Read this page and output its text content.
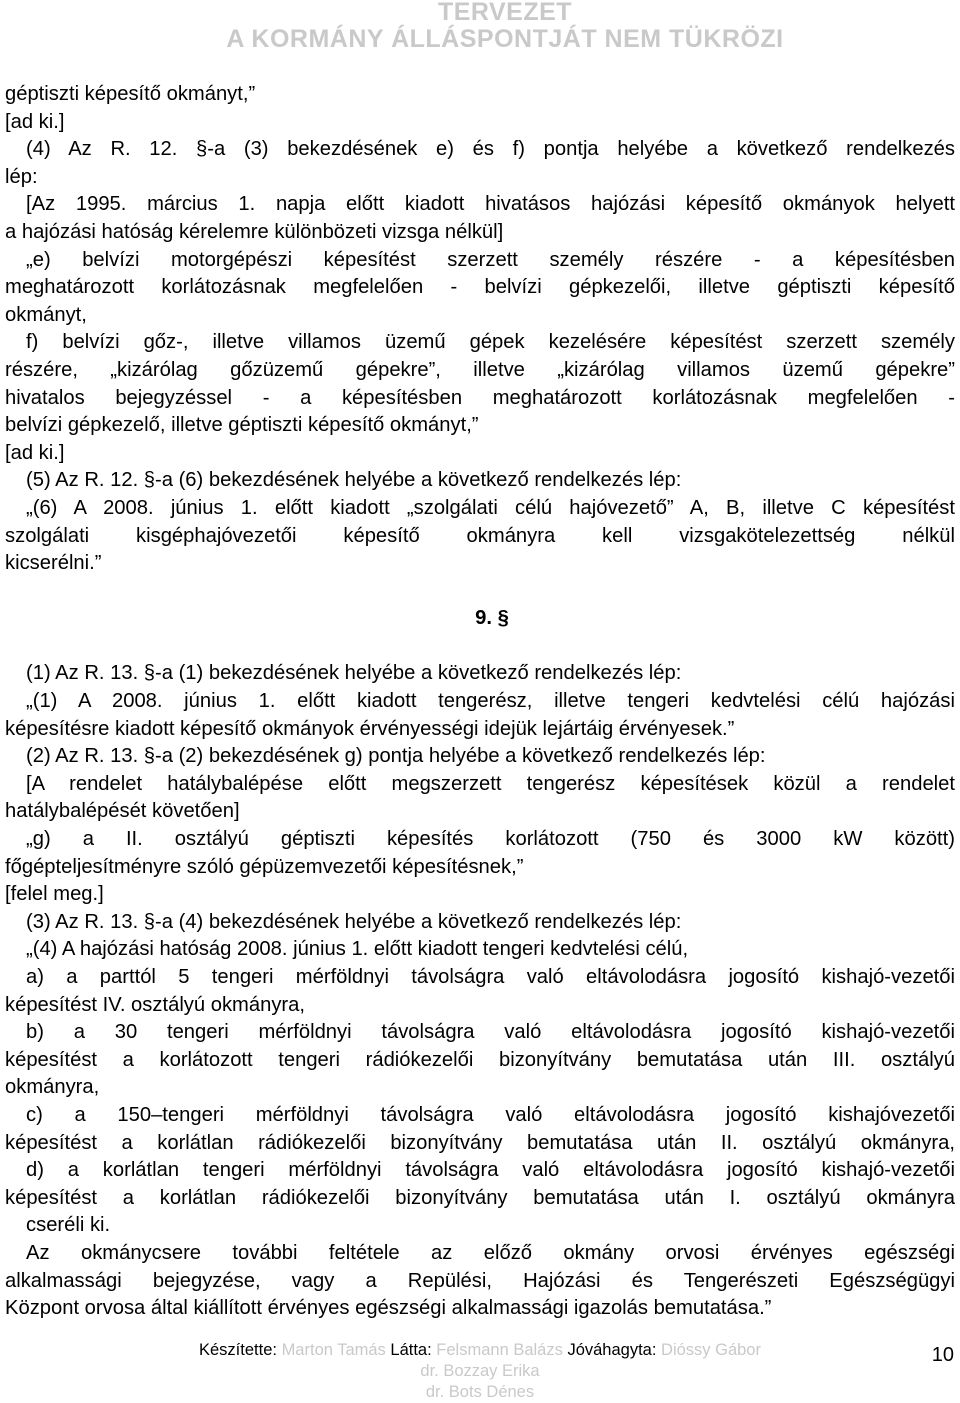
TERVEZET
A KORMÁNY ÁLLÁSPONTJÁT NEM TÜKRÖZI
géptiszti képesítő okmányt,”
[ad ki.]
(4) Az R. 12. §-a (3) bekezdésének e) és f) pontja helyébe a következő rendelkezés
lép:
[Az 1995. március 1. napja előtt kiadott hivatásos hajózási képesítő okmányok helyett
a hajózási hatóság kérelemre különbözeti vizsga nélkül]
„e) belvízi motorgépészi képesítést szerzett személy részére - a képesítésben
meghatározott korlátozásnak megfelelően - belvízi gépkezelői, illetve géptiszti képesítő
okmányt,
f) belvízi gőz-, illetve villamos üzemű gépek kezelésére képesítést szerzett személy
részére, „kizárólag gőzüzemű gépekre”, illetve „kizárólag villamos üzemű gépekre”
hivatalos bejegyzéssel - a képesítésben meghatározott korlátozásnak megfelelően -
belvízi gépkezelő, illetve géptiszti képesítő okmányt,”
[ad ki.]
(5) Az R. 12. §-a (6) bekezdésének helyébe a következő rendelkezés lép:
„(6) A 2008. június 1. előtt kiadott „szolgálati célú hajóvezető” A, B, illetve C képesítést
szolgálati kisgéphajóvezetői képesítő okmányra kell vizsgakötelezettség nélkül
kicserélni.”
9. §
(1) Az R. 13. §-a (1) bekezdésének helyébe a következő rendelkezés lép:
„(1) A 2008. június 1. előtt kiadott tengerész, illetve tengeri kedvtelési célú hajózási
képesítésre kiadott képesítő okmányok érvényességi idejük lejártáig érvényesek.”
(2) Az R. 13. §-a (2) bekezdésének g) pontja helyébe a következő rendelkezés lép:
[A rendelet hatálybalépése előtt megszerzett tengerész képesítések közül a rendelet
hatálybalépését követően]
„g) a II. osztályú géptiszti képesítés korlátozott (750 és 3000 kW között)
főgépteljesítményre szóló gépüzemvezetői képesítésnek,”
[felel meg.]
(3) Az R. 13. §-a (4) bekezdésének helyébe a következő rendelkezés lép:
„(4) A hajózási hatóság 2008. június 1. előtt kiadott tengeri kedvtelési célú,
a) a parttól 5 tengeri mérföldnyi távolságra való eltávolodásra jogosító kishajó-vezetői
képesítést IV. osztályú okmányra,
b) a 30 tengeri mérföldnyi távolságra való eltávolodásra jogosító kishajó-vezetői
képesítést a korlátozott tengeri rádiókezelői bizonyítvány bemutatása után III. osztályú
okmányra,
c) a 150–tengeri mérföldnyi távolságra való eltávolodásra jogosító kishajóvezetői
képesítést a korlátlan rádiókezelői bizonyítvány bemutatása után II. osztályú okmányra,
d) a korlátlan tengeri mérföldnyi távolságra való eltávolodásra jogosító kishajó-vezetői
képesítést a korlátlan rádiókezelői bizonyítvány bemutatása után I. osztályú okmányra
cseréli ki.
Az okmánycsere további feltétele az előző okmány orvosi érvényes egészségi
alkalmassági bejegyzése, vagy a Repülési, Hajózási és Tengerészeti Egészségügyi
Központ orvosa által kiállított érvényes egészségi alkalmassági igazolás bemutatása.”
Készítette: Marton Tamás Látta: Felsmann Balázs Jóváhagyta: Dióssy Gábor
dr. Bozzay Erika
dr. Bots Dénes
10
